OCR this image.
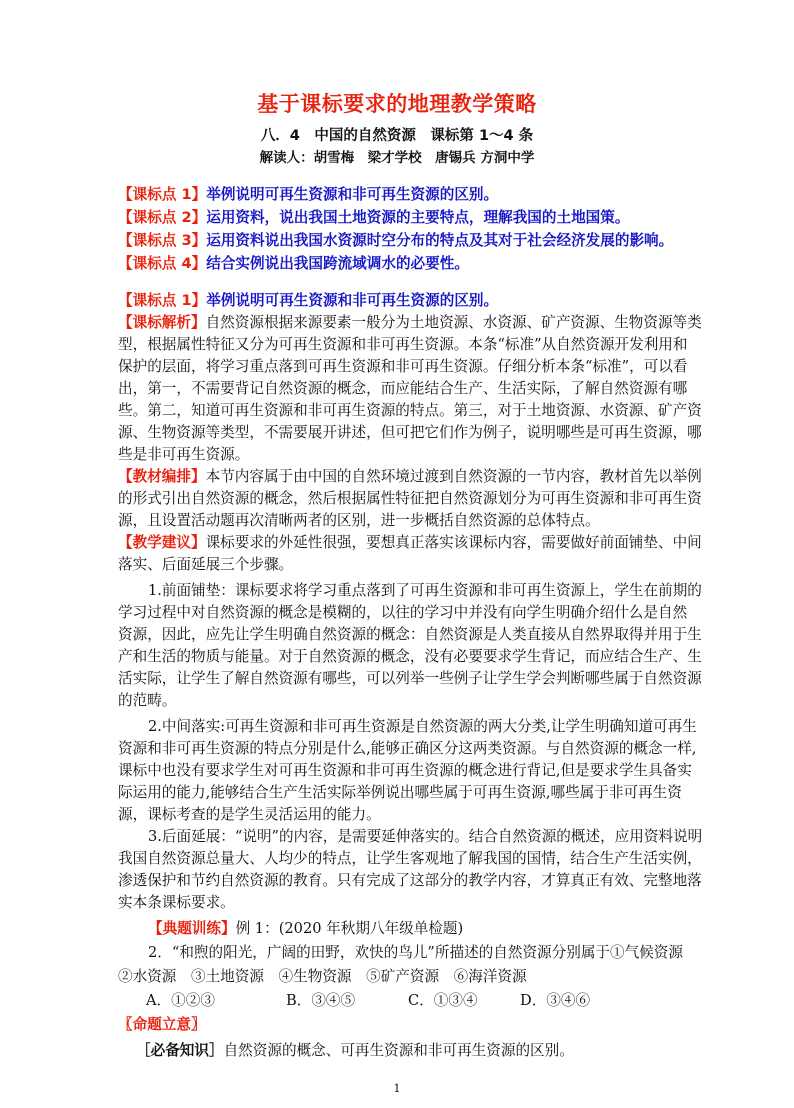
基于课标要求的地理教学策略
八．4　中国的自然资源　课标第 1～4 条
解读人：胡雪梅　梁才学校　唐锡兵 方洞中学
【课标点 1】举例说明可再生资源和非可再生资源的区别。
【课标点 2】运用资料，说出我国土地资源的主要特点，理解我国的土地国策。
【课标点 3】运用资料说出我国水资源时空分布的特点及其对于社会经济发展的影响。
【课标点 4】结合实例说出我国跨流域调水的必要性。
【课标点 1】举例说明可再生资源和非可再生资源的区别。
【课标解析】自然资源根据来源要素一般分为土地资源、水资源、矿产资源、生物资源等类
型，根据属性特征又分为可再生资源和非可再生资源。本条“标准”从自然资源开发利用和
保护的层面，将学习重点落到可再生资源和非可再生资源。仔细分析本条“标准”，可以看
出，第一，不需要背记自然资源的概念，而应能结合生产、生活实际，了解自然资源有哪
些。第二，知道可再生资源和非可再生资源的特点。第三，对于土地资源、水资源、矿产资
源、生物资源等类型，不需要展开讲述，但可把它们作为例子，说明哪些是可再生资源，哪
些是非可再生资源。
【教材编排】本节内容属于由中国的自然环境过渡到自然资源的一节内容，教材首先以举例
的形式引出自然资源的概念，然后根据属性特征把自然资源划分为可再生资源和非可再生资
源，且设置活动题再次清晰两者的区别，进一步概括自然资源的总体特点。
【教学建议】课标要求的外延性很强，要想真正落实该课标内容，需要做好前面铺垫、中间
落实、后面延展三个步骤。
1.前面铺垫：课标要求将学习重点落到了可再生资源和非可再生资源上，学生在前期的
学习过程中对自然资源的概念是模糊的，以往的学习中并没有向学生明确介绍什么是自然
资源，因此，应先让学生明确自然资源的概念：自然资源是人类直接从自然界取得并用于生
产和生活的物质与能量。对于自然资源的概念，没有必要要求学生背记，而应结合生产、生
活实际，让学生了解自然资源有哪些，可以列举一些例子让学生学会判断哪些属于自然资源
的范畴。
2.中间落实:可再生资源和非可再生资源是自然资源的两大分类,让学生明确知道可再生
资源和非可再生资源的特点分别是什么,能够正确区分这两类资源。与自然资源的概念一样,
课标中也没有要求学生对可再生资源和非可再生资源的概念进行背记,但是要求学生具备实
际运用的能力,能够结合生产生活实际举例说出哪些属于可再生资源,哪些属于非可再生资
源，课标考查的是学生灵活运用的能力。
3.后面延展：“说明”的内容，是需要延伸落实的。结合自然资源的概述，应用资料说明
我国自然资源总量大、人均少的特点，让学生客观地了解我国的国情，结合生产生活实例，
渗透保护和节约自然资源的教育。只有完成了这部分的教学内容，才算真正有效、完整地落
实本条课标要求。
【典题训练】例 1：(2020 年秋期八年级单检题)
2．“和煦的阳光，广阔的田野，欢快的鸟儿”所描述的自然资源分别属于①气候资源
②水资源　③土地资源　④生物资源　⑤矿产资源　⑥海洋资源
A．①②③	B．③④⑤	C．①③④	D．③④⑥
〖命题立意〗
［必备知识］自然资源的概念、可再生资源和非可再生资源的区别。
1
